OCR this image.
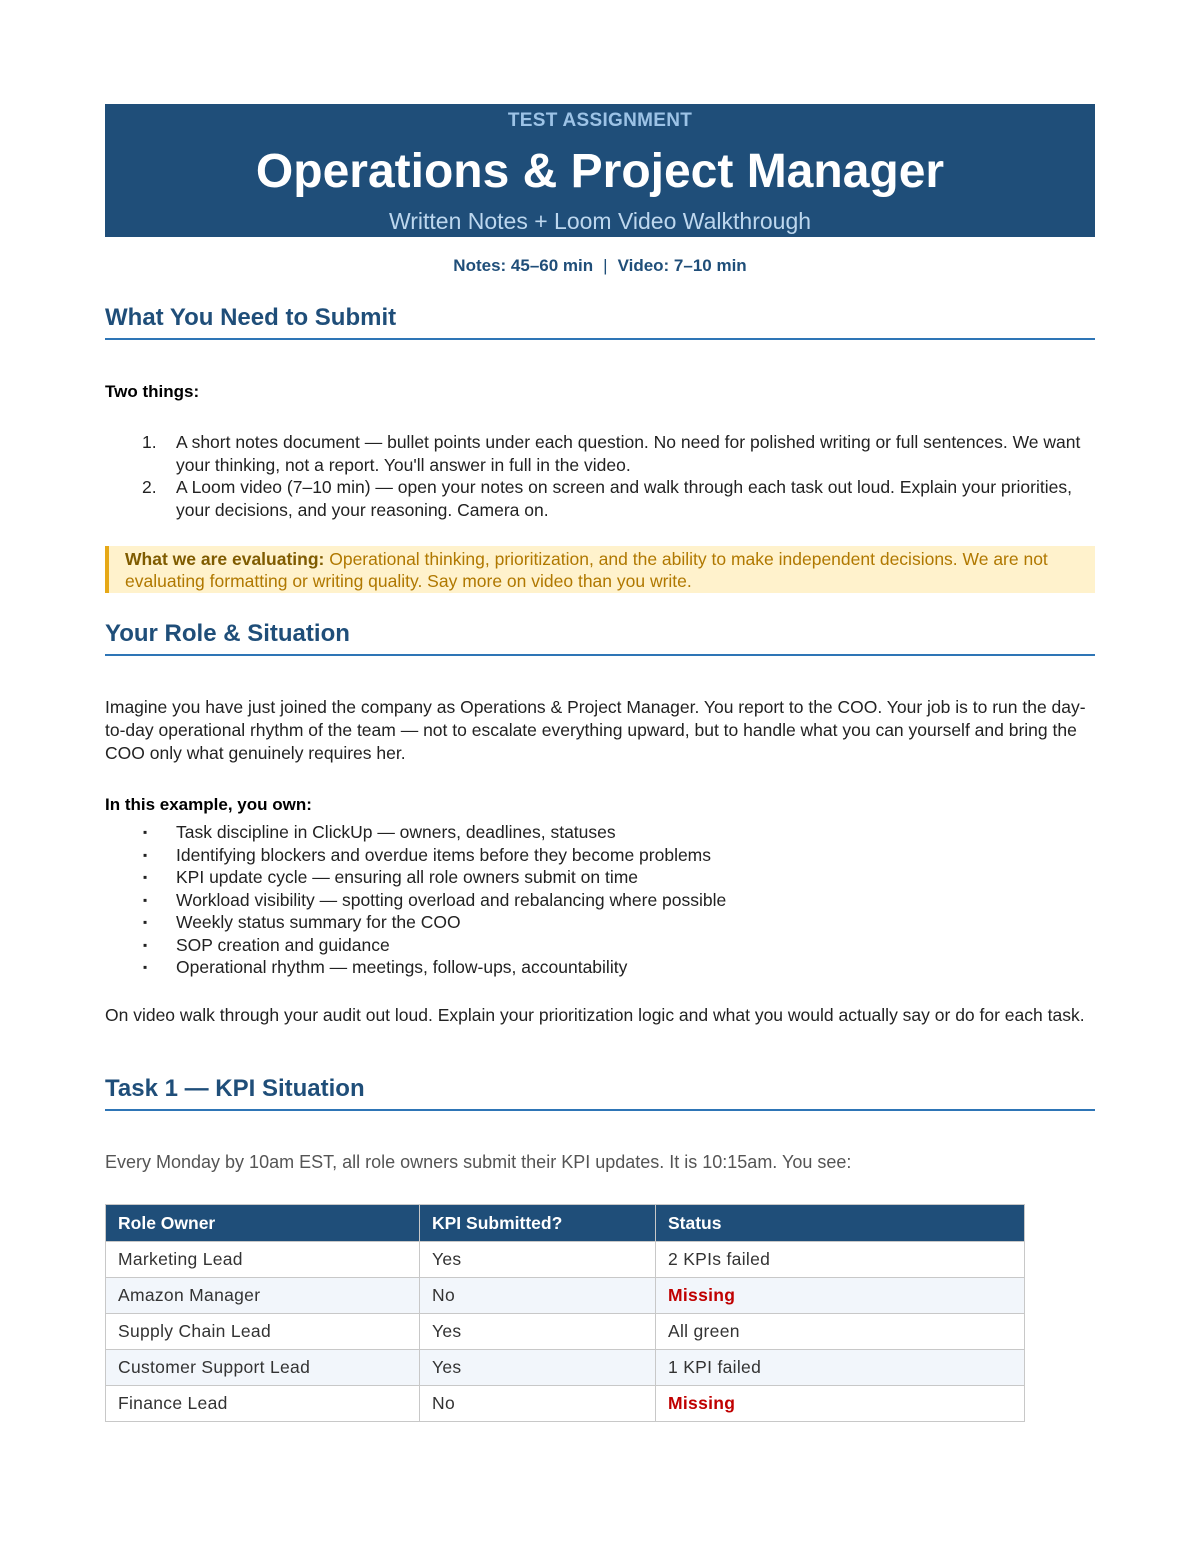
TEST ASSIGNMENT
Operations & Project Manager
Written Notes + Loom Video Walkthrough
Notes: 45–60 min | Video: 7–10 min
What You Need to Submit
Two things:
1. A short notes document — bullet points under each question. No need for polished writing or full sentences. We want your thinking, not a report. You'll answer in full in the video.
2. A Loom video (7–10 min) — open your notes on screen and walk through each task out loud. Explain your priorities, your decisions, and your reasoning. Camera on.
What we are evaluating: Operational thinking, prioritization, and the ability to make independent decisions. We are not evaluating formatting or writing quality. Say more on video than you write.
Your Role & Situation
Imagine you have just joined the company as Operations & Project Manager. You report to the COO. Your job is to run the day-to-day operational rhythm of the team — not to escalate everything upward, but to handle what you can yourself and bring the COO only what genuinely requires her.
In this example, you own:
▪ Task discipline in ClickUp — owners, deadlines, statuses
▪ Identifying blockers and overdue items before they become problems
▪ KPI update cycle — ensuring all role owners submit on time
▪ Workload visibility — spotting overload and rebalancing where possible
▪ Weekly status summary for the COO
▪ SOP creation and guidance
▪ Operational rhythm — meetings, follow-ups, accountability
On video walk through your audit out loud. Explain your prioritization logic and what you would actually say or do for each task.
Task 1 — KPI Situation
Every Monday by 10am EST, all role owners submit their KPI updates. It is 10:15am. You see:
Role Owner	KPI Submitted?	Status
Marketing Lead	Yes	2 KPIs failed
Amazon Manager	No	Missing
Supply Chain Lead	Yes	All green
Customer Support Lead	Yes	1 KPI failed
Finance Lead	No	Missing
